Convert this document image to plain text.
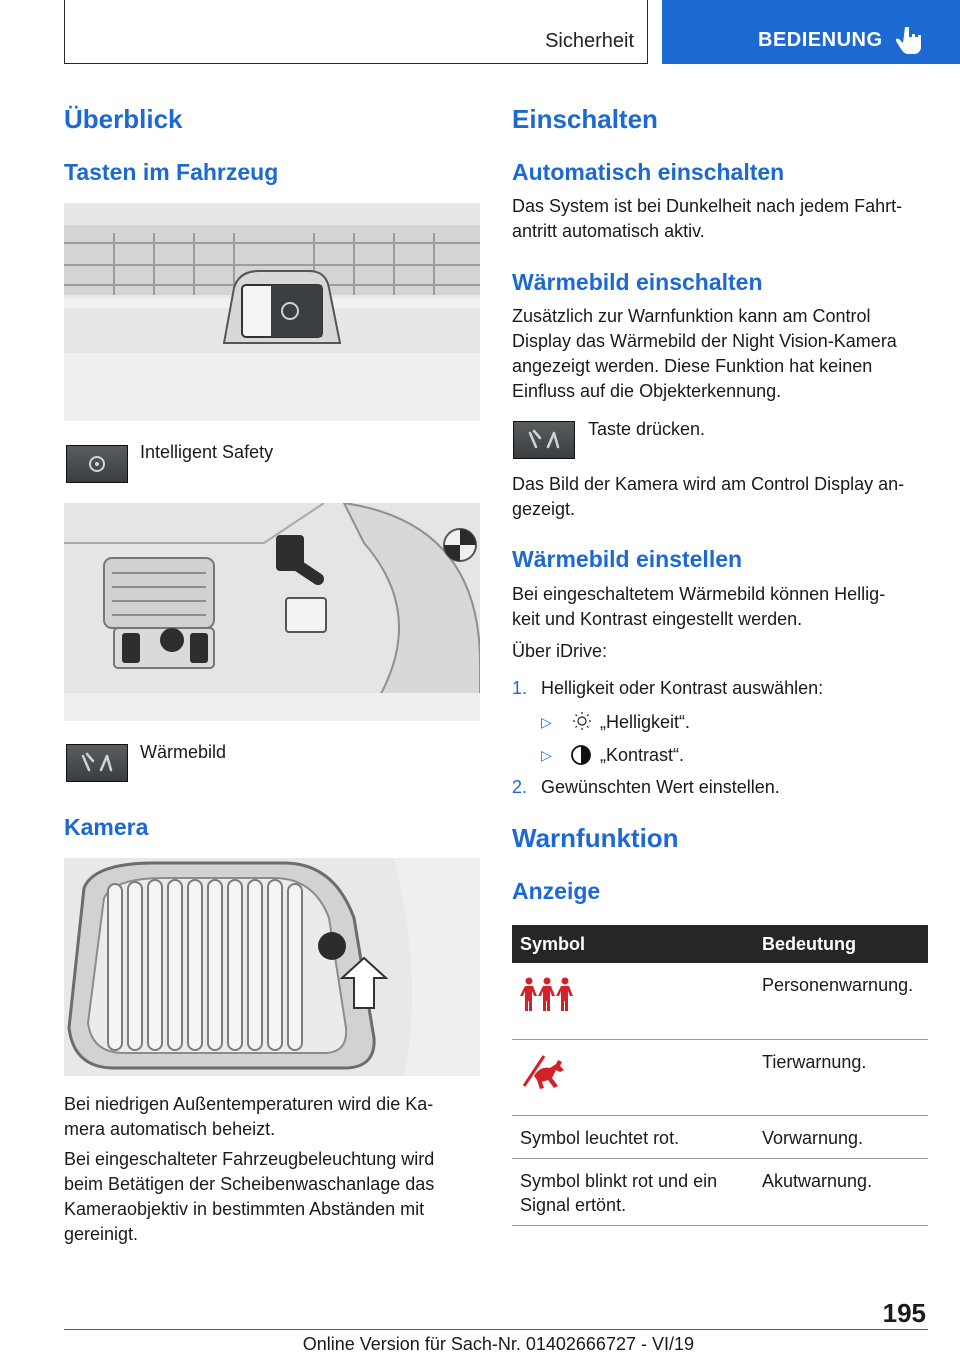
Sicherheit	BEDIENUNG
Überblick
Tasten im Fahrzeug

Intelligent Safety

Wärmebild

Kamera

Bei niedrigen Außentemperaturen wird die Ka-
mera automatisch beheizt.

Bei eingeschalteter Fahrzeugbeleuchtung wird
beim Betätigen der Scheibenwaschanlage das
Kameraobjektiv in bestimmten Abständen mit
gereinigt.

Einschalten
Automatisch einschalten

Das System ist bei Dunkelheit nach jedem Fahrt-
antritt automatisch aktiv.

Wärmebild einschalten

Zusätzlich zur Warnfunktion kann am Control
Display das Wärmebild der Night Vision-Kamera
angezeigt werden. Diese Funktion hat keinen
Einfluss auf die Objekterkennung.

Taste drücken.

Das Bild der Kamera wird am Control Display an-
gezeigt.

Wärmebild einstellen

Bei eingeschaltetem Wärmebild können Hellig-
keit und Kontrast eingestellt werden.

Über iDrive:

1. Helligkeit oder Kontrast auswählen:

▷	„Helligkeit“.

▷	„Kontrast“.

2. Gewünschten Wert einstellen.

Warnfunktion
Anzeige
Symbol	Bedeutung
	Personenwarnung.
	Tierwarnung.
Symbol leuchtet rot.	Vorwarnung.
Symbol blinkt rot und ein
Signal ertönt.	Akutwarnung.
195
Online Version für Sach-Nr. 01402666727 - VI/19
